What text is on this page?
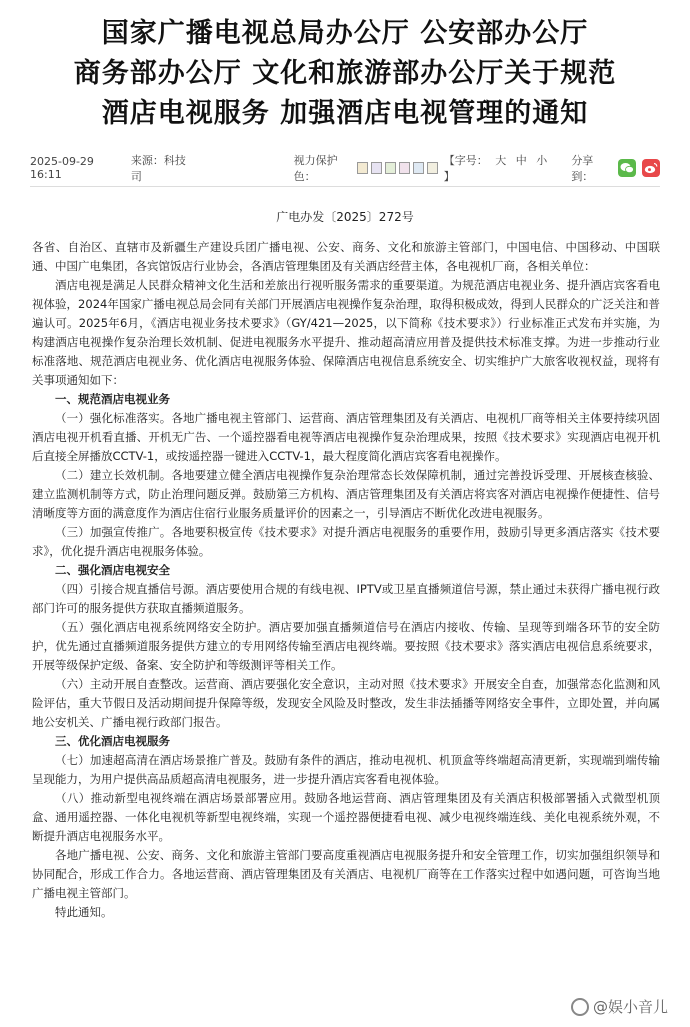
国家广播电视总局办公厅 公安部办公厅
商务部办公厅 文化和旅游部办公厅关于规范
酒店电视服务 加强酒店电视管理的通知
2025-09-29 16:11
来源：科技司
视力保护色：
【字号： 大 中 小 】
分享到：
广电办发〔2025〕272号

各省、自治区、直辖市及新疆生产建设兵团广播电视、公安、商务、文化和旅游主管部门，中国电信、中国移动、中国联通、中国广电集团，各宾馆饭店行业协会，各酒店管理集团及有关酒店经营主体，各电视机厂商，各相关单位：

酒店电视是满足人民群众精神文化生活和差旅出行视听服务需求的重要渠道。为规范酒店电视业务、提升酒店宾客看电视体验，2024年国家广播电视总局会同有关部门开展酒店电视操作复杂治理，取得积极成效，得到人民群众的广泛关注和普遍认可。2025年6月，《酒店电视业务技术要求》（GY/421—2025，以下简称《技术要求》）行业标准正式发布并实施，为构建酒店电视操作复杂治理长效机制、促进电视服务水平提升、推动超高清应用普及提供技术标准支撑。为进一步推动行业标准落地、规范酒店电视业务、优化酒店电视服务体验、保障酒店电视信息系统安全、切实维护广大旅客收视权益，现将有关事项通知如下：

一、规范酒店电视业务

（一）强化标准落实。各地广播电视主管部门、运营商、酒店管理集团及有关酒店、电视机厂商等相关主体要持续巩固酒店电视开机看直播、开机无广告、一个遥控器看电视等酒店电视操作复杂治理成果，按照《技术要求》实现酒店电视开机后直接全屏播放CCTV-1，或按遥控器一键进入CCTV-1，最大程度简化酒店宾客看电视操作。

（二）建立长效机制。各地要建立健全酒店电视操作复杂治理常态长效保障机制，通过完善投诉受理、开展核查核验、建立监测机制等方式，防止治理问题反弹。鼓励第三方机构、酒店管理集团及有关酒店将宾客对酒店电视操作便捷性、信号清晰度等方面的满意度作为酒店住宿行业服务质量评价的因素之一，引导酒店不断优化改进电视服务。

（三）加强宣传推广。各地要积极宣传《技术要求》对提升酒店电视服务的重要作用，鼓励引导更多酒店落实《技术要求》，优化提升酒店电视服务体验。

二、强化酒店电视安全

（四）引接合规直播信号源。酒店要使用合规的有线电视、IPTV或卫星直播频道信号源，禁止通过未获得广播电视行政部门许可的服务提供方获取直播频道服务。

（五）强化酒店电视系统网络安全防护。酒店要加强直播频道信号在酒店内接收、传输、呈现等到端各环节的安全防护，优先通过直播频道服务提供方建立的专用网络传输至酒店电视终端。要按照《技术要求》落实酒店电视信息系统要求，开展等级保护定级、备案、安全防护和等级测评等相关工作。

（六）主动开展自查整改。运营商、酒店要强化安全意识，主动对照《技术要求》开展安全自查，加强常态化监测和风险评估，重大节假日及活动期间提升保障等级，发现安全风险及时整改，发生非法插播等网络安全事件，立即处置，并向属地公安机关、广播电视行政部门报告。

三、优化酒店电视服务

（七）加速超高清在酒店场景推广普及。鼓励有条件的酒店，推动电视机、机顶盒等终端超高清更新，实现端到端传输呈现能力，为用户提供高品质超高清电视服务，进一步提升酒店宾客看电视体验。

（八）推动新型电视终端在酒店场景部署应用。鼓励各地运营商、酒店管理集团及有关酒店积极部署插入式微型机顶盒、通用遥控器、一体化电视机等新型电视终端，实现一个遥控器便捷看电视、减少电视终端连线、美化电视系统外观，不断提升酒店电视服务水平。

各地广播电视、公安、商务、文化和旅游主管部门要高度重视酒店电视服务提升和安全管理工作，切实加强组织领导和协同配合，形成工作合力。各地运营商、酒店管理集团及有关酒店、电视机厂商等在工作落实过程中如遇问题，可咨询当地广播电视主管部门。

特此通知。

@娱小音儿
